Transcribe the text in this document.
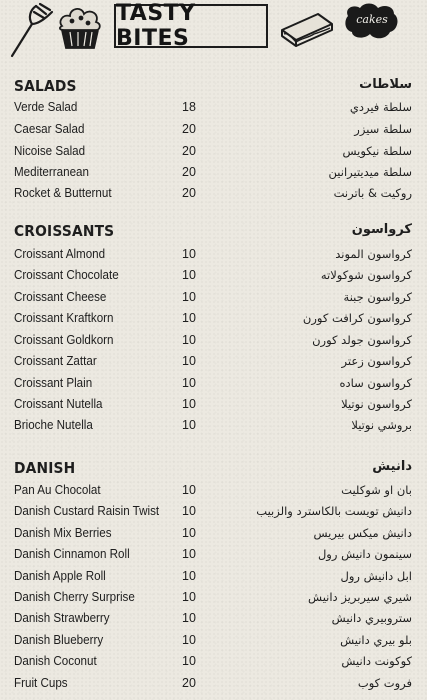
TASTY BITES
cakes
SALADS	سلاطات
Verde Salad	18	سلطة فيردي
Caesar Salad	20	سلطة سيزر
Nicoise Salad	20	سلطة نيكويس
Mediterranean	20	سلطة ميديتيرانين
Rocket & Butternut	20	روكيت & باترنت
CROISSANTS	كرواسون
Croissant Almond	10	كرواسون الموند
Croissant Chocolate	10	كرواسون شوكولاته
Croissant Cheese	10	كرواسون جبنة
Croissant Kraftkorn	10	كرواسون كرافت كورن
Croissant Goldkorn	10	كرواسون جولد كورن
Croissant Zattar	10	كرواسون زعتر
Croissant Plain	10	كرواسون ساده
Croissant Nutella	10	كرواسون نوتيلا
Brioche Nutella	10	بروشي نوتيلا
DANISH	دانيش
Pan Au Chocolat	10	بان او شوكليت
Danish Custard Raisin Twist 10	دانيش تويست بالكاسترد والزبيب
Danish Mix Berries	10	دانيش ميكس بيريس
Danish Cinnamon Roll	10	سينمون دانيش رول
Danish Apple Roll	10	ابل دانيش رول
Danish Cherry Surprise	10	شيري سيربريز دانيش
Danish Strawberry	10	ستروبيري دانيش
Danish Blueberry	10	بلو بيري دانيش
Danish Coconut	10	كوكونت دانيش
Fruit Cups	20	فروت كوب
